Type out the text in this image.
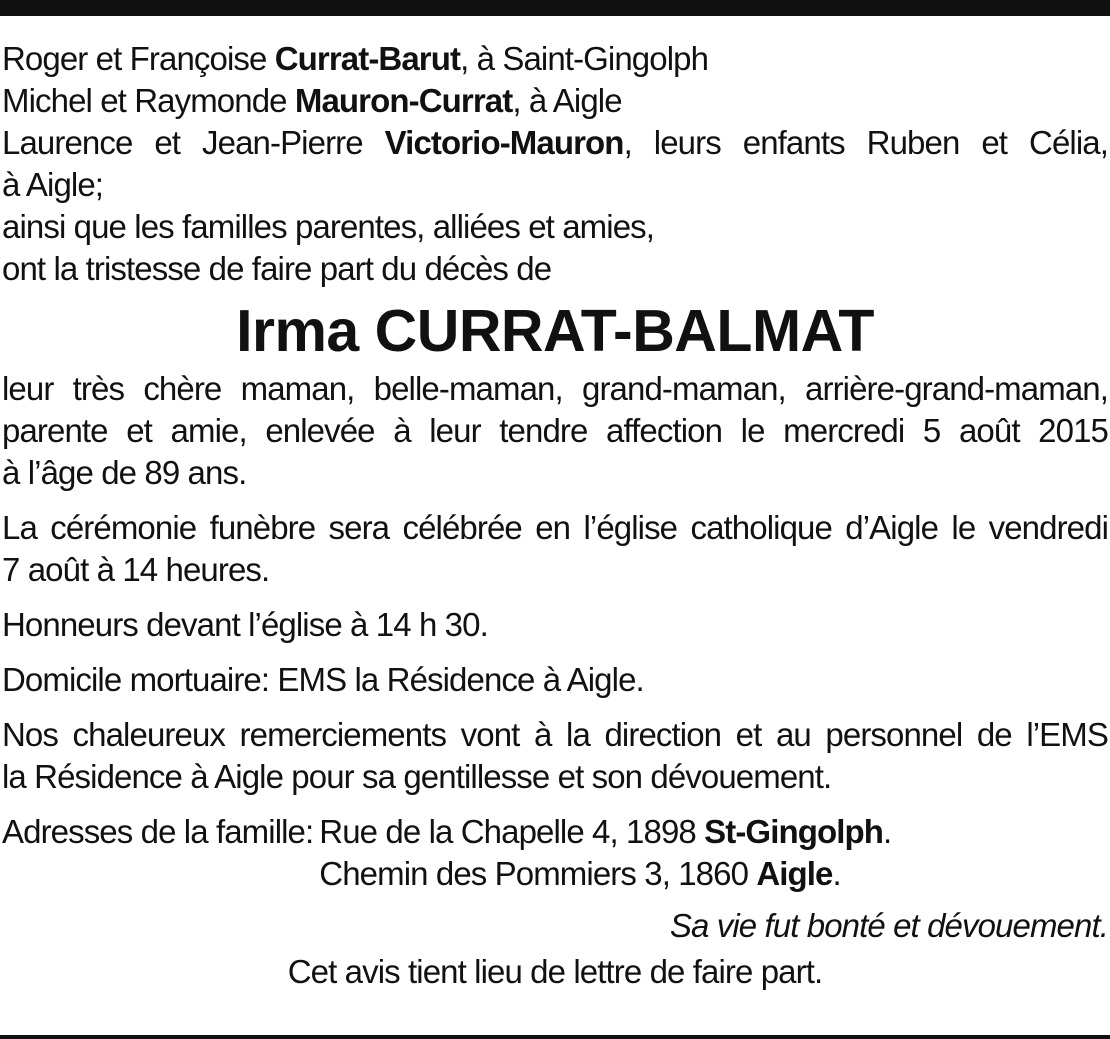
Roger et Françoise Currat-Barut, à Saint-Gingolph
Michel et Raymonde Mauron-Currat, à Aigle
Laurence et Jean-Pierre Victorio-Mauron, leurs enfants Ruben et Célia,
à Aigle;
ainsi que les familles parentes, alliées et amies,
ont la tristesse de faire part du décès de
Irma CURRAT-BALMAT
leur très chère maman, belle-maman, grand-maman, arrière-grand-maman,
parente et amie, enlevée à leur tendre affection le mercredi 5 août 2015
à l’âge de 89 ans.
La cérémonie funèbre sera célébrée en l’église catholique d’Aigle le vendredi
7 août à 14 heures.
Honneurs devant l’église à 14 h 30.
Domicile mortuaire: EMS la Résidence à Aigle.
Nos chaleureux remerciements vont à la direction et au personnel de l’EMS
la Résidence à Aigle pour sa gentillesse et son dévouement.
Adresses de la famille: Rue de la Chapelle 4, 1898 St-Gingolph.
Chemin des Pommiers 3, 1860 Aigle.
Sa vie fut bonté et dévouement.
Cet avis tient lieu de lettre de faire part.
